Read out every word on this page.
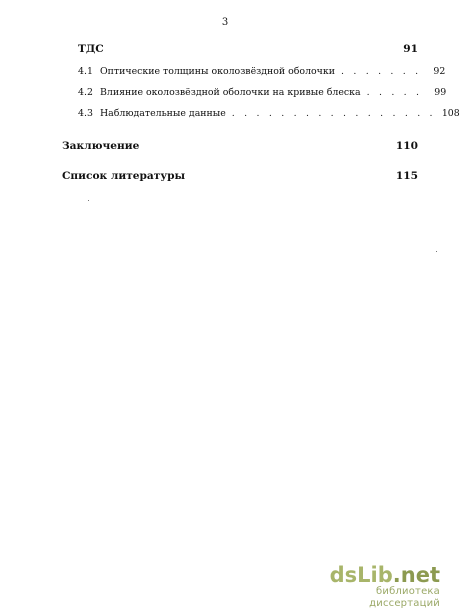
3
ТДС	91
4.1 Оптические толщины околозвёздной оболочки . . . . . . .	92
4.2 Влияние околозвёздной оболочки на кривые блеска . . . . .	99
4.3 Наблюдательные данные . . . . . . . . . . . . . . . . . 108
Заключение	110
Список литературы	115
dsLib.net
библиотека диссертаций
